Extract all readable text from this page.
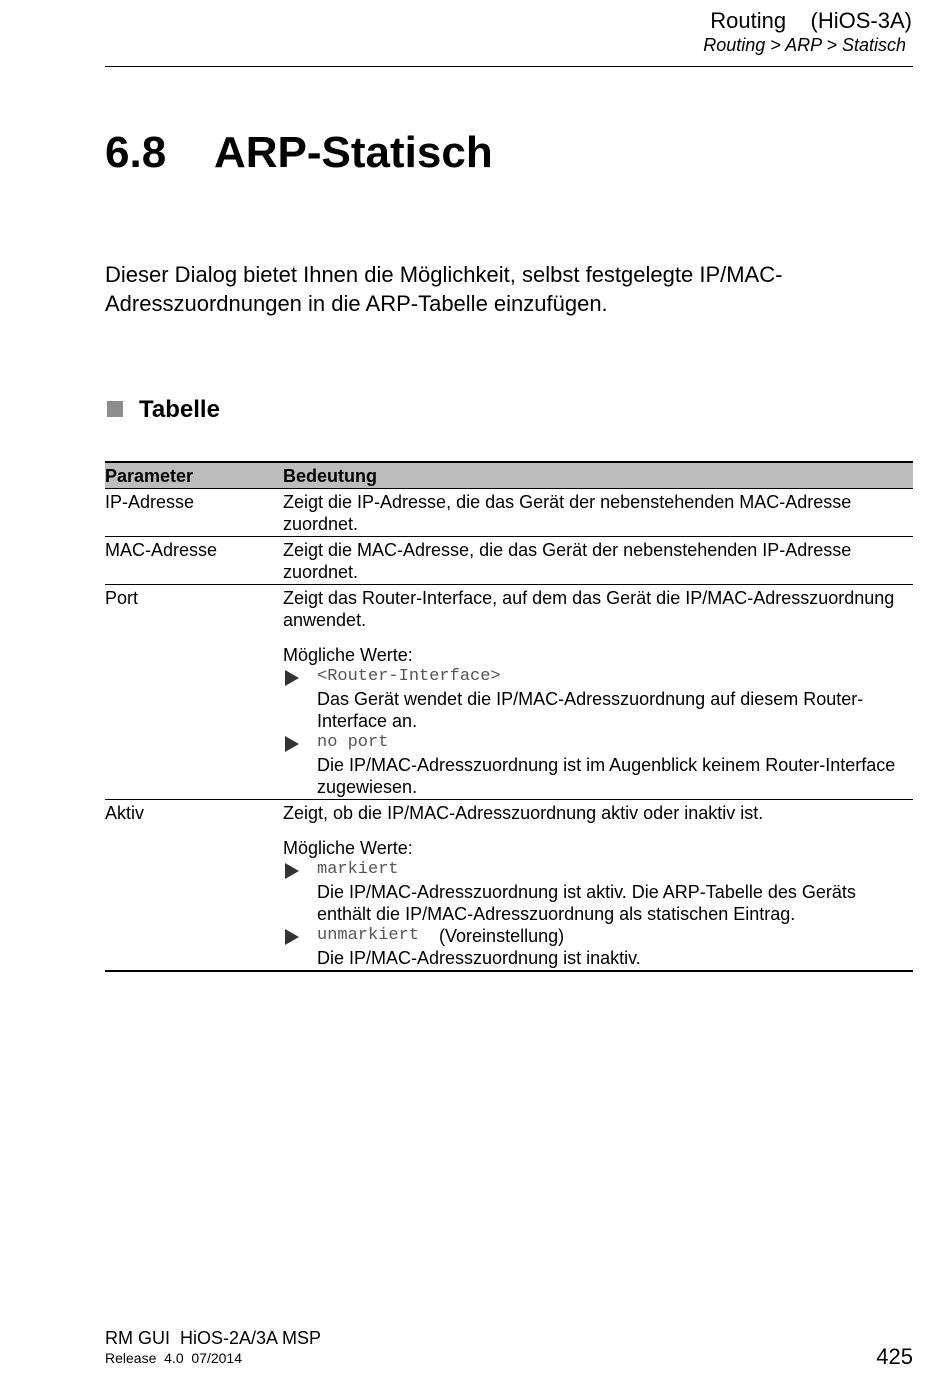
Routing    (HiOS-3A)
Routing > ARP > Statisch
6.8 ARP-Statisch
Dieser Dialog bietet Ihnen die Möglichkeit, selbst festgelegte IP/MAC-Adresszuordnungen in die ARP-Tabelle einzufügen.
Tabelle
Parameter	Bedeutung
IP-Adresse	Zeigt die IP-Adresse, die das Gerät der nebenstehenden MAC-Adresse zuordnet.
MAC-Adresse	Zeigt die MAC-Adresse, die das Gerät der nebenstehenden IP-Adresse zuordnet.
Port	Zeigt das Router-Interface, auf dem das Gerät die IP/MAC-Adresszuordnung anwendet.
Mögliche Werte:
<Router-Interface>
Das Gerät wendet die IP/MAC-Adresszuordnung auf diesem Router-Interface an.
no port
Die IP/MAC-Adresszuordnung ist im Augenblick keinem Router-Interface zugewiesen.
Aktiv	Zeigt, ob die IP/MAC-Adresszuordnung aktiv oder inaktiv ist.
Mögliche Werte:
markiert
Die IP/MAC-Adresszuordnung ist aktiv. Die ARP-Tabelle des Geräts enthält die IP/MAC-Adresszuordnung als statischen Eintrag.
unmarkiert (Voreinstellung)
Die IP/MAC-Adresszuordnung ist inaktiv.
RM GUI  HiOS-2A/3A MSP
Release  4.0  07/2014	425
